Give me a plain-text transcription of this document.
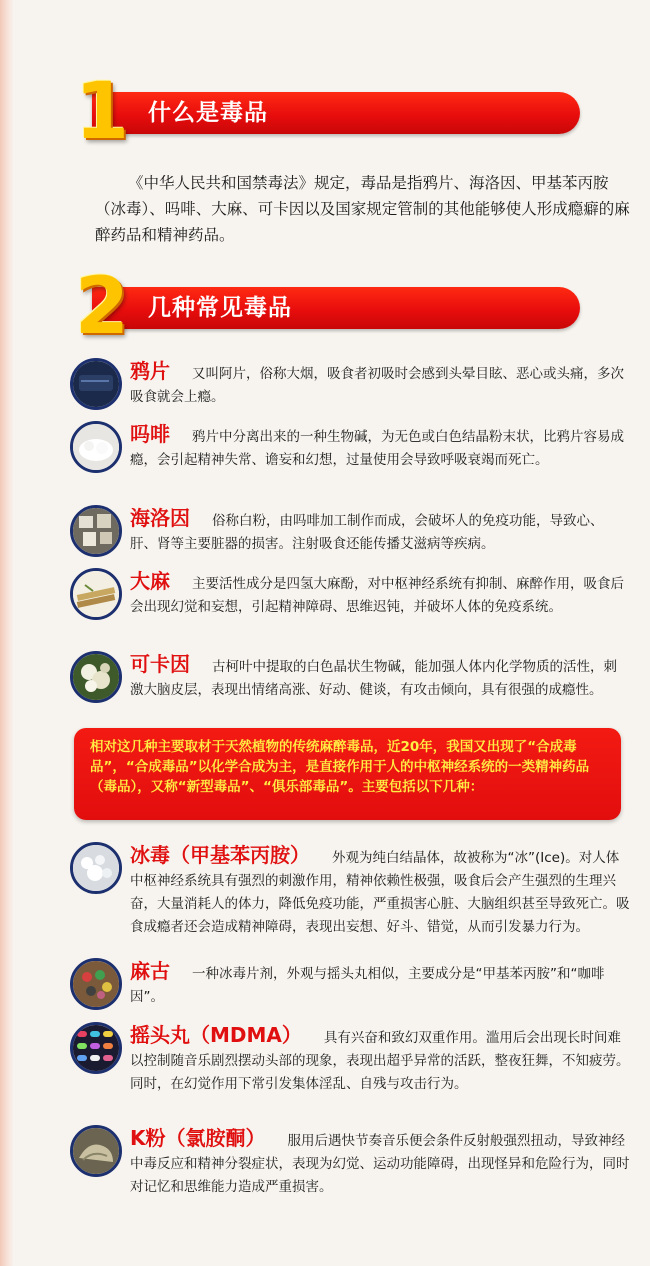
1 什么是毒品

《中华人民共和国禁毒法》规定，毒品是指鸦片、海洛因、甲基苯丙胺（冰毒）、吗啡、大麻、可卡因以及国家规定管制的其他能够使人形成瘾癖的麻醉药品和精神药品。

2 几种常见毒品

鸦片 又叫阿片，俗称大烟，吸食者初吸时会感到头晕目眩、恶心或头痛，多次吸食就会上瘾。

吗啡 鸦片中分离出来的一种生物碱，为无色或白色结晶粉末状，比鸦片容易成瘾，会引起精神失常、谵妄和幻想，过量使用会导致呼吸衰竭而死亡。

海洛因 俗称白粉，由吗啡加工制作而成，会破坏人的免疫功能，导致心、肝、肾等主要脏器的损害。注射吸食还能传播艾滋病等疾病。

大麻 主要活性成分是四氢大麻酚，对中枢神经系统有抑制、麻醉作用，吸食后会出现幻觉和妄想，引起精神障碍、思维迟钝，并破坏人体的免疫系统。

可卡因 古柯叶中提取的白色晶状生物碱，能加强人体内化学物质的活性，刺激大脑皮层，表现出情绪高涨、好动、健谈，有攻击倾向，具有很强的成瘾性。

相对这几种主要取材于天然植物的传统麻醉毒品，近20年，我国又出现了“合成毒品”，“合成毒品”以化学合成为主，是直接作用于人的中枢神经系统的一类精神药品（毒品），又称“新型毒品”、“俱乐部毒品”。主要包括以下几种：

冰毒（甲基苯丙胺） 外观为纯白结晶体，故被称为“冰”(Ice)。对人体中枢神经系统具有强烈的刺激作用，精神依赖性极强，吸食后会产生强烈的生理兴奋，大量消耗人的体力，降低免疫功能，严重损害心脏、大脑组织甚至导致死亡。吸食成瘾者还会造成精神障碍，表现出妄想、好斗、错觉，从而引发暴力行为。

麻古 一种冰毒片剂，外观与摇头丸相似，主要成分是“甲基苯丙胺”和“咖啡因”。

摇头丸（MDMA） 具有兴奋和致幻双重作用。滥用后会出现长时间难以控制随音乐剧烈摆动头部的现象，表现出超乎异常的活跃，整夜狂舞，不知疲劳。同时，在幻觉作用下常引发集体淫乱、自残与攻击行为。

K粉（氯胺酮） 服用后遇快节奏音乐便会条件反射般强烈扭动，导致神经中毒反应和精神分裂症状，表现为幻觉、运动功能障碍，出现怪异和危险行为，同时对记忆和思维能力造成严重损害。
